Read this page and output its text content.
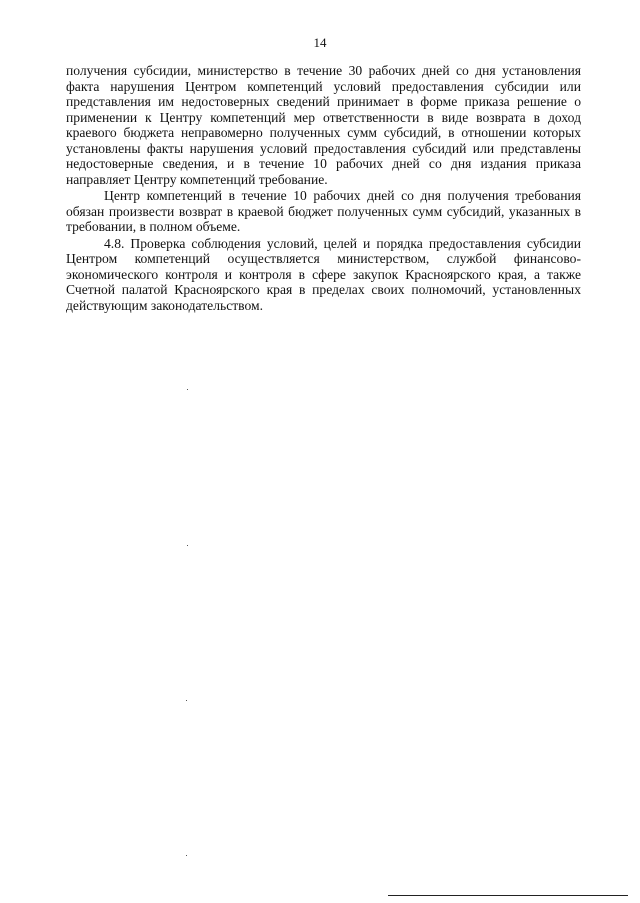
14

получения субсидии, министерство в течение 30 рабочих дней со дня установления факта нарушения Центром компетенций условий предоставления субсидии или представления им недостоверных сведений принимает в форме приказа решение о применении к Центру компетенций мер ответственности в виде возврата в доход краевого бюджета неправомерно полученных сумм субсидий, в отношении которых установлены факты нарушения условий предоставления субсидий или представлены недостоверные сведения, и в течение 10 рабочих дней со дня издания приказа направляет Центру компетенций требование.

Центр компетенций в течение 10 рабочих дней со дня получения требования обязан произвести возврат в краевой бюджет полученных сумм субсидий, указанных в требовании, в полном объеме.

4.8. Проверка соблюдения условий, целей и порядка предоставления субсидии Центром компетенций осуществляется министерством, службой финансово-экономического контроля и контроля в сфере закупок Красноярского края, а также Счетной палатой Красноярского края в пределах своих полномочий, установленных действующим законодательством.
